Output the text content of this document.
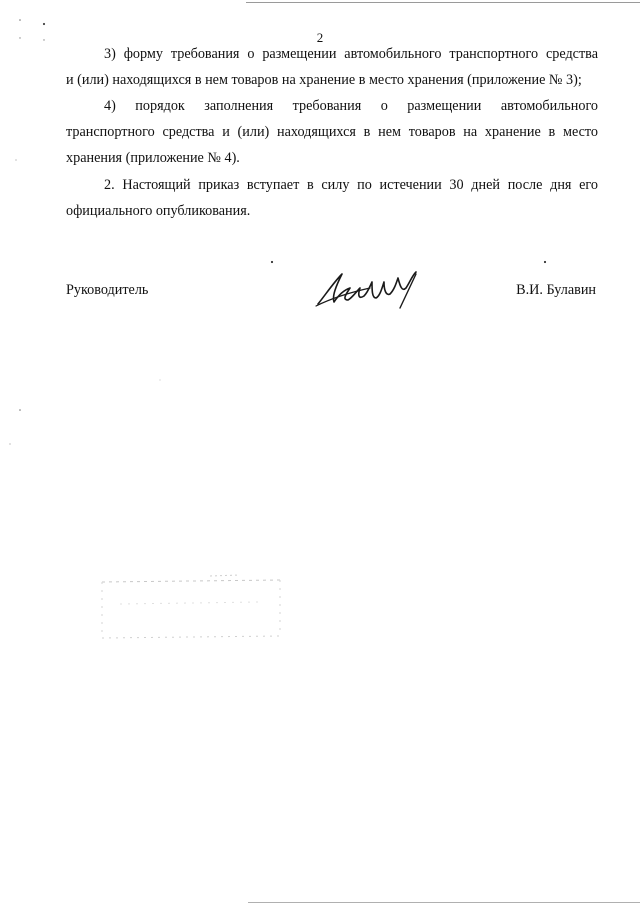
2
3) форму требования о размещении автомобильного транспортного средства
и (или) находящихся в нем товаров на хранение в место хранения (приложение № 3);
4) порядок заполнения требования о размещении автомобильного
транспортного средства и (или) находящихся в нем товаров на хранение в место
хранения (приложение № 4).
2. Настоящий приказ вступает в силу по истечении 30 дней после дня его
официального опубликования.
Руководитель	В.И. Булавин
